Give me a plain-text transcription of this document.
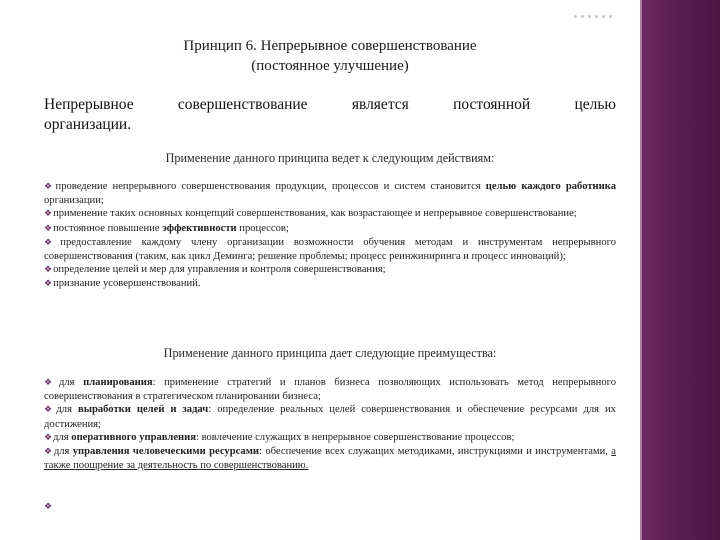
Принцип 6. Непрерывное совершенствование
(постоянное улучшение)
Непрерывное	совершенствование	является	постоянной	целью
организации.
Применение данного принципа ведет к следующим действиям:
❖проведение непрерывного совершенствования продукции, процессов и систем становится целью каждого работника организации;
❖применение таких основных концепций совершенствования, как возрастающее и непрерывное совершенствование;
❖постоянное повышение эффективности процессов;
❖предоставление каждому члену организации возможности обучения методам и инструментам непрерывного совершенствования (таким, как цикл Деминга; решение проблемы; процесс реинжиниринга и процесс инноваций);
❖определение целей и мер для управления и контроля совершенствования;
❖признание усовершенствований.
Применение данного принципа дает следующие преимущества:
❖для планирования: применение стратегий и планов бизнеса позволяющих использовать метод непрерывного совершенствования в стратегическом планировании бизнеса;
❖для выработки целей и задач: определение реальных целей совершенствования и обеспечение ресурсами для их достижения;
❖для оперативного управления: вовлечение служащих в непрерывное совершенствование процессов;
❖для управления человеческими ресурсами: обеспечение всех служащих методиками, инструкциями и инструментами, а также поощрение за деятельность по совершенствованию.
❖
